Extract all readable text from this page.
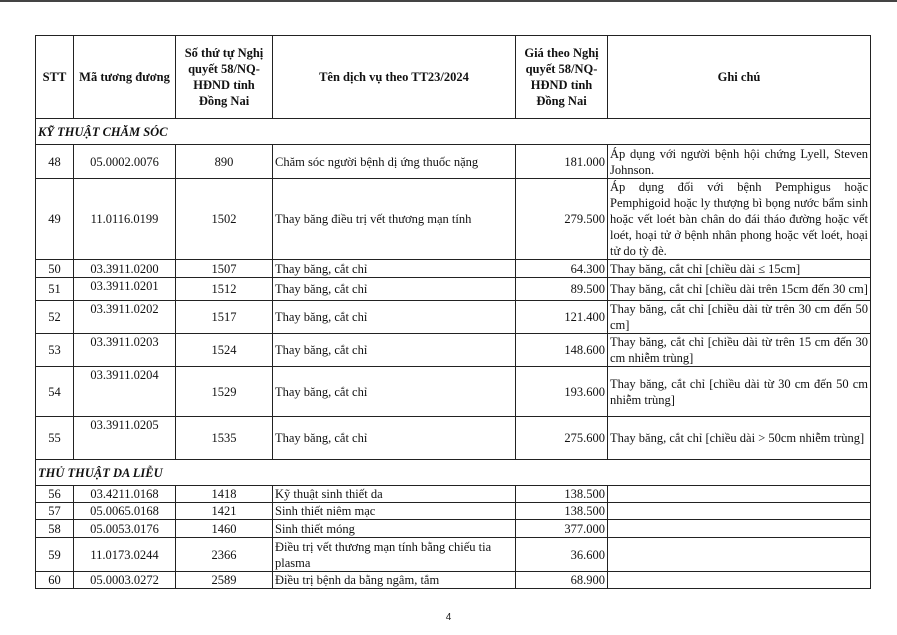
STT	Mã tương đương	Số thứ tự Nghị quyết 58/NQ-HĐND tỉnh Đồng Nai	Tên dịch vụ theo TT23/2024	Giá theo Nghị quyết 58/NQ-HĐND tỉnh Đồng Nai	Ghi chú
KỸ THUẬT CHĂM SÓC					
48	05.0002.0076	890	Chăm sóc người bệnh dị ứng thuốc nặng	181.000	Áp dụng với người bệnh hội chứng Lyell, Steven Johnson.
49	11.0116.0199	1502	Thay băng điều trị vết thương mạn tính	279.500	Áp dụng đối với bệnh Pemphigus hoặc Pemphigoid hoặc ly thượng bì bọng nước bẩm sinh hoặc vết loét bàn chân do đái tháo đường hoặc vết loét, hoại tử ở bệnh nhân phong hoặc vết loét, hoại tử do tỳ đè.
50	03.3911.0200	1507	Thay băng, cắt chỉ	64.300	Thay băng, cắt chỉ [chiều dài ≤ 15cm]
51	03.3911.0201	1512	Thay băng, cắt chỉ	89.500	Thay băng, cắt chỉ [chiều dài trên 15cm đến 30 cm]
52	03.3911.0202	1517	Thay băng, cắt chỉ	121.400	Thay băng, cắt chỉ [chiều dài từ trên 30 cm đến 50 cm]
53	03.3911.0203	1524	Thay băng, cắt chỉ	148.600	Thay băng, cắt chỉ [chiều dài từ trên 15 cm đến 30 cm nhiễm trùng]
54	03.3911.0204	1529	Thay băng, cắt chỉ	193.600	Thay băng, cắt chỉ [chiều dài từ 30 cm đến 50 cm nhiễm trùng]
55	03.3911.0205	1535	Thay băng, cắt chỉ	275.600	Thay băng, cắt chỉ [chiều dài > 50cm nhiễm trùng]
THỦ THUẬT DA LIỄU					
56	03.4211.0168	1418	Kỹ thuật sinh thiết da	138.500	
57	05.0065.0168	1421	Sinh thiết niêm mạc	138.500	
58	05.0053.0176	1460	Sinh thiết móng	377.000	
59	11.0173.0244	2366	Điều trị vết thương mạn tính bằng chiếu tia plasma	36.600	
60	05.0003.0272	2589	Điều trị bệnh da bằng ngâm, tắm	68.900	
4
